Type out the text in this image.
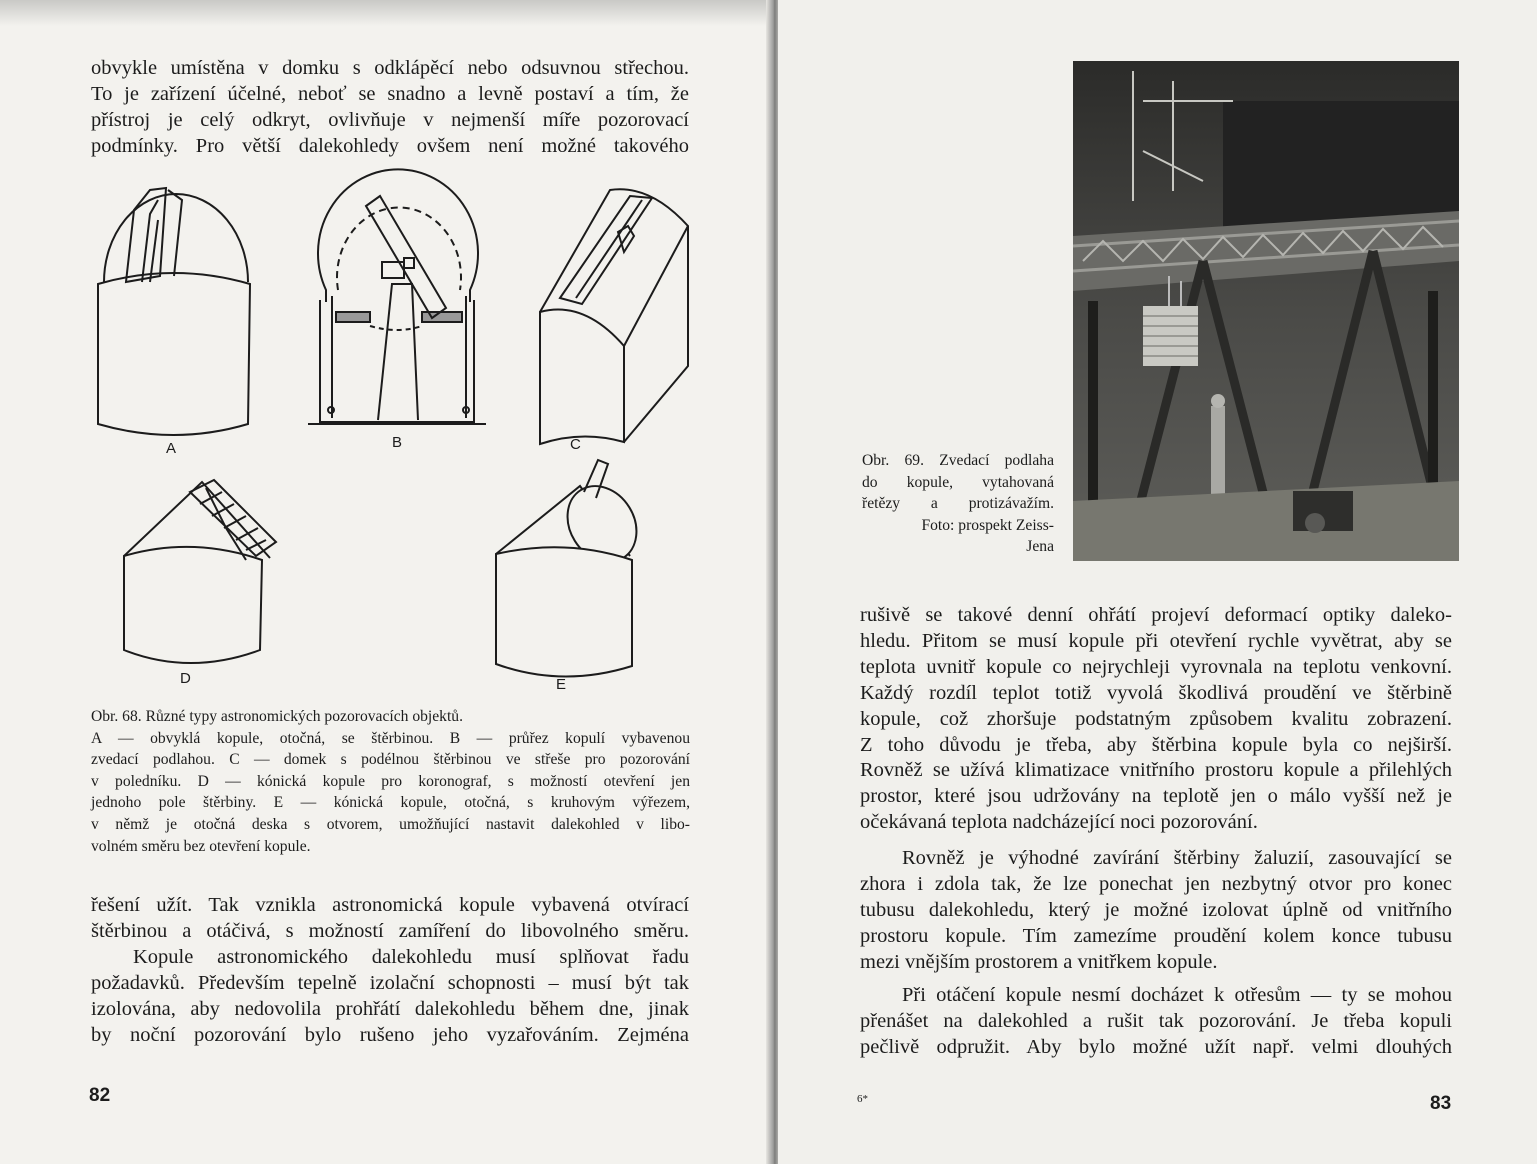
obvykle umístěna v domku s odklápěcí nebo odsuvnou střechou.
To je zařízení účelné, neboť se snadno a levně postaví a tím, že
přístroj je celý odkryt, ovlivňuje v nejmenší míře pozorovací
podmínky. Pro větší dalekohledy ovšem není možné takového
A	B	C
D	E
Obr. 68. Různé typy astronomických pozorovacích objektů.
A — obvyklá kopule, otočná, se štěrbinou. B — průřez kopulí vybavenou
zvedací podlahou. C — domek s podélnou štěrbinou ve střeše pro pozorování
v poledníku. D — kónická kopule pro koronograf, s možností otevření jen
jednoho pole štěrbiny. E — kónická kopule, otočná, s kruhovým výřezem,
v němž je otočná deska s otvorem, umožňující nastavit dalekohled v libo-
volném směru bez otevření kopule.
řešení užít. Tak vznikla astronomická kopule vybavená otvírací
štěrbinou a otáčivá, s možností zamíření do libovolného směru.
Kopule astronomického dalekohledu musí splňovat řadu
požadavků. Především tepelně izolační schopnosti – musí být tak
izolována, aby nedovolila prohřátí dalekohledu během dne, jinak
by noční pozorování bylo rušeno jeho vyzařováním. Zejména
82
Obr. 69. Zvedací podlaha
do kopule, vytahovaná
řetězy a protizávažím.
Foto: prospekt Zeiss-
Jena
rušivě se takové denní ohřátí projeví deformací optiky daleko-
hledu. Přitom se musí kopule při otevření rychle vyvětrat, aby se
teplota uvnitř kopule co nejrychleji vyrovnala na teplotu venkovní.
Každý rozdíl teplot totiž vyvolá škodlivá proudění ve štěrbině
kopule, což zhoršuje podstatným způsobem kvalitu zobrazení.
Z toho důvodu je třeba, aby štěrbina kopule byla co nejširší.
Rovněž se užívá klimatizace vnitřního prostoru kopule a přilehlých
prostor, které jsou udržovány na teplotě jen o málo vyšší než je
očekávaná teplota nadcházející noci pozorování.
Rovněž je výhodné zavírání štěrbiny žaluzií, zasouvající se
zhora i zdola tak, že lze ponechat jen nezbytný otvor pro konec
tubusu dalekohledu, který je možné izolovat úplně od vnitřního
prostoru kopule. Tím zamezíme proudění kolem konce tubusu
mezi vnějším prostorem a vnitřkem kopule.
Při otáčení kopule nesmí docházet k otřesům — ty se mohou
přenášet na dalekohled a rušit tak pozorování. Je třeba kopuli
pečlivě odpružit. Aby bylo možné užít např. velmi dlouhých
6*	83
